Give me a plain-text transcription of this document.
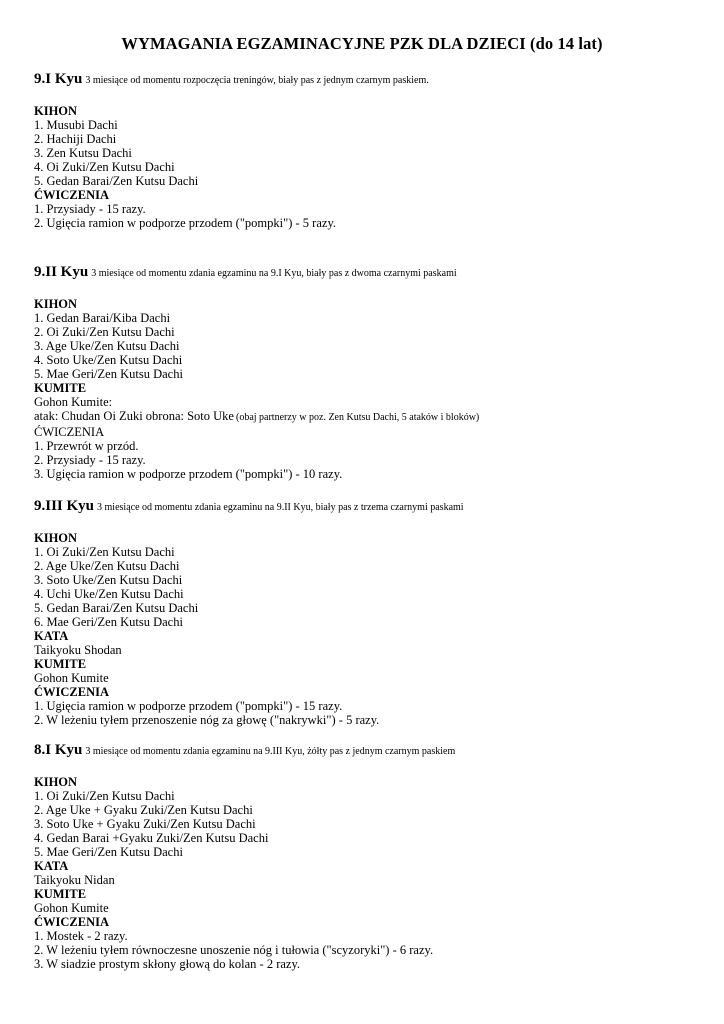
WYMAGANIA EGZAMINACYJNE PZK DLA DZIECI (do 14 lat)
9.I Kyu 3 miesiące od momentu rozpoczęcia treningów, biały pas z jednym czarnym paskiem.
KIHON
1. Musubi Dachi
2. Hachiji Dachi
3. Zen Kutsu Dachi
4. Oi Zuki/Zen Kutsu Dachi
5. Gedan Barai/Zen Kutsu Dachi
ĆWICZENIA
1. Przysiady - 15 razy.
2. Ugięcia ramion w podporze przodem ("pompki") - 5 razy.
9.II Kyu 3 miesiące od momentu zdania egzaminu na 9.I Kyu, biały pas z dwoma czarnymi paskami
KIHON
1. Gedan Barai/Kiba Dachi
2. Oi Zuki/Zen Kutsu Dachi
3. Age Uke/Zen Kutsu Dachi
4. Soto Uke/Zen Kutsu Dachi
5. Mae Geri/Zen Kutsu Dachi
KUMITE
Gohon Kumite:
atak: Chudan Oi Zuki obrona: Soto Uke (obaj partnerzy w poz. Zen Kutsu Dachi, 5 ataków i bloków)
ĆWICZENIA
1. Przewrót w przód.
2. Przysiady - 15 razy.
3. Ugięcia ramion w podporze przodem ("pompki") - 10 razy.
9.III Kyu 3 miesiące od momentu zdania egzaminu na 9.II Kyu, biały pas z trzema czarnymi paskami
KIHON
1. Oi Zuki/Zen Kutsu Dachi
2. Age Uke/Zen Kutsu Dachi
3. Soto Uke/Zen Kutsu Dachi
4. Uchi Uke/Zen Kutsu Dachi
5. Gedan Barai/Zen Kutsu Dachi
6. Mae Geri/Zen Kutsu Dachi
KATA
Taikyoku Shodan
KUMITE
Gohon Kumite
ĆWICZENIA
1. Ugięcia ramion w podporze przodem ("pompki") - 15 razy.
2. W leżeniu tyłem przenoszenie nóg za głowę ("nakrywki") - 5 razy.
8.I Kyu 3 miesiące od momentu zdania egzaminu na 9.III Kyu, żółty pas z jednym czarnym paskiem
KIHON
1. Oi Zuki/Zen Kutsu Dachi
2. Age Uke + Gyaku Zuki/Zen Kutsu Dachi
3. Soto Uke + Gyaku Zuki/Zen Kutsu Dachi
4. Gedan Barai +Gyaku Zuki/Zen Kutsu Dachi
5. Mae Geri/Zen Kutsu Dachi
KATA
Taikyoku Nidan
KUMITE
Gohon Kumite
ĆWICZENIA
1. Mostek - 2 razy.
2. W leżeniu tyłem równoczesne unoszenie nóg i tułowia ("scyzoryki") - 6 razy.
3. W siadzie prostym skłony głową do kolan - 2 razy.
